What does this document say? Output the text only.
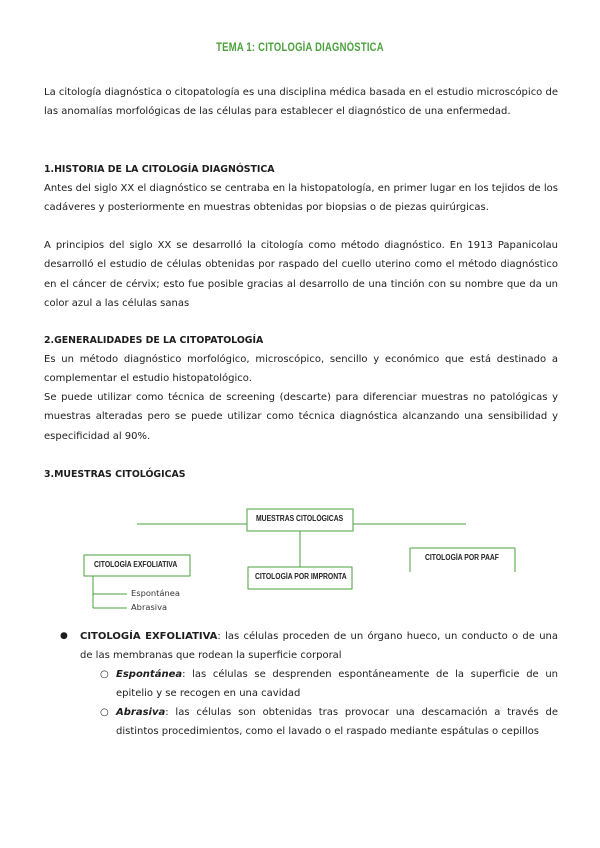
TEMA 1: CITOLOGÍA DIAGNÓSTICA
La citología diagnóstica o citopatología es una disciplina médica basada en el estudio microscópico de las anomalías morfológicas de las células para establecer el diagnóstico de una enfermedad.
1.HISTORIA DE LA CITOLOGÍA DIAGNÓSTICA
Antes del siglo XX el diagnóstico se centraba en la histopatología, en primer lugar en los tejidos de los cadáveres y posteriormente en muestras obtenidas por biopsias o de piezas quirúrgicas.
A principios del siglo XX se desarrolló la citología como método diagnóstico. En 1913 Papanicolau desarrolló el estudio de células obtenidas por raspado del cuello uterino como el método diagnóstico en el cáncer de cérvix; esto fue posible gracias al desarrollo de una tinción con su nombre que da un color azul a las células sanas
2.GENERALIDADES DE LA CITOPATOLOGÍA
Es un método diagnóstico morfológico, microscópico, sencillo y económico que está destinado a complementar el estudio histopatológico.
Se puede utilizar como técnica de screening (descarte) para diferenciar muestras no patológicas y muestras alteradas pero se puede utilizar como técnica diagnóstica alcanzando una sensibilidad y especificidad al 90%.
3.MUESTRAS CITOLÓGICAS
MUESTRAS CITOLÓGICAS
CITOLOGÍA POR IMPRONTA
CITOLOGÍA EXFOLIATIVA
CITOLOGÍA POR PAAF
Espontánea
Abrasiva
● CITOLOGÍA EXFOLIATIVA: las células proceden de un órgano hueco, un conducto o de una de las membranas que rodean la superficie corporal
○ Espontánea: las células se desprenden espontáneamente de la superficie de un epitelio y se recogen en una cavidad
○ Abrasiva: las células son obtenidas tras provocar una descamación a través de distintos procedimientos, como el lavado o el raspado mediante espátulas o cepillos
